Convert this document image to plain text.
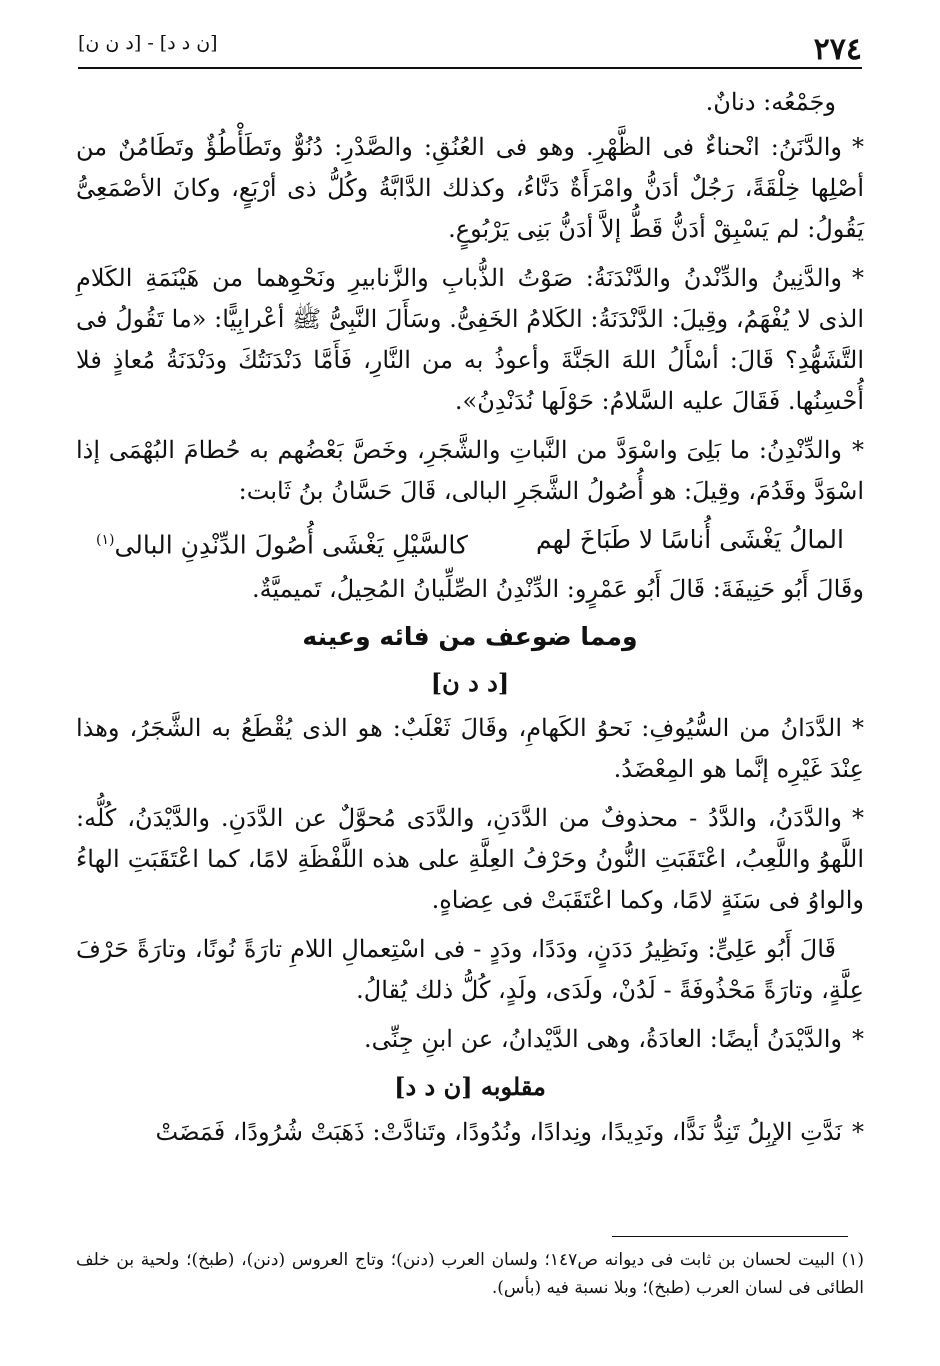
٢٧٤
[د ن ن] - [ن د د]

وجَمْعُه: دنانٌ.

*والدَّنَنُ: انْحناءٌ فى الظَّهْرِ. وهو فى العُنُقِ: والصَّدْرِ: دُنُوٌّ وتَطَأْطُؤٌ وتَطَامُنٌ من أصْلِها خِلْقَةً، رَجُلٌ أدَنُّ وامْرَأَةٌ دَنَّاءُ، وكذلك الدَّابَّةُ وكُلُّ ذى أرْبَعٍ، وكانَ الأصْمَعِىُّ يَقُولُ: لم يَسْبِقْ أدَنُّ قَطُّ إلاَّ أدَنُّ بَنِى يَرْبُوعٍ.

*والدَّنِينُ والدِّنْدنُ والدَّنْدَنَةُ: صَوْتُ الذُّبابِ والزَّنابيرِ ونَحْوِهما من هَيْنَمَةِ الكَلامِ الذى لا يُفْهَمُ، وقِيلَ: الدَّنْدَنَةُ: الكَلامُ الخَفِىُّ. وسَأَلَ النَّبِىُّ ﷺ أعْرابِيًّا: «ما تَقُولُ فى التَّشَهُّدِ؟ قَالَ: أسْأَلُ اللهَ الجَنَّةَ وأعوذُ به من النَّارِ، فَأَمَّا دَنْدَنَتُكَ ودَنْدَنَةُ مُعاذٍ فلا أُحْسِنُها. فَقَالَ عليه السَّلامُ: حَوْلَها نُدَنْدِنُ».

*والدِّنْدِنُ: ما بَلِىَ واسْوَدَّ من النَّباتِ والشَّجَرِ، وخَصَّ بَعْضُهم به حُطامَ البُهْمَى إذا اسْوَدَّ وقَدُمَ، وقِيلَ: هو أُصُولُ الشَّجَرِ البالى، قَالَ حَسَّانُ بنُ ثَابت:

المالُ يَغْشَى أُناسًا لا طَبَاخَ لهم
كالسَّيْلِ يَغْشَى أُصُولَ الدِّنْدِنِ البالى$^{(١)}$

وقَالَ أَبُو حَنِيفَةَ: قَالَ أَبُو عَمْرٍو: الدِّنْدِنُ الصِّلِّيانُ المُحِيلُ، تَميميَّةٌ.

ومما ضوعف من فائه وعينه
[د د ن]

*الدَّدَانُ من السُّيُوفِ: نَحوُ الكَهامِ، وقَالَ ثَعْلَبٌ: هو الذى يُقْطَعُ به الشَّجَرُ، وهذا عِنْدَ غَيْرِه إنَّما هو المِعْضَدُ.

*والدَّدَنُ، والدَّدُ - محذوفٌ من الدَّدَنِ، والدَّدَى مُحوَّلٌ عن الدَّدَنِ. والدَّيْدَنُ، كُلُّه: اللَّهوُ واللَّعِبُ، اعْتَقَبَتِ النُّونُ وحَرْفُ العِلَّةِ على هذه اللَّفْظَةِ لامًا، كما اعْتَقَبَتِ الهاءُ والواوُ فى سَنَةٍ لامًا، وكما اعْتَقَبَتْ فى عِضاهٍ.

قَالَ أَبُو عَلِىٍّ: ونَظِيرُ دَدَنٍ، ودَدًا، ودَدٍ - فى اسْتِعمالِ اللامِ تارَةً نُونًا، وتارَةً حَرْفَ عِلَّةٍ، وتارَةً مَحْذُوفَةً - لَدُنْ، ولَدَى، ولَدٍ، كُلُّ ذلك يُقالُ.

*والدَّيْدَنُ أيضًا: العادَةُ، وهى الدَّيْدانُ، عن ابنِ جِنِّى.

مقلوبه [ن د د]

*نَدَّتِ الإبِلُ تَنِدُّ نَدًّا، ونَدِيدًا، ونِدادًا، ونُدُودًا، وتَنادَّتْ: ذَهَبَتْ شُرُودًا، فَمَضَتْ

(١) البيت لحسان بن ثابت فى ديوانه ص١٤٧؛ ولسان العرب (دنن)؛ وتاج العروس (دنن)، (طبخ)؛ ولحية بن خلف الطائى فى لسان العرب (طبخ)؛ وبلا نسبة فيه (بأس).
